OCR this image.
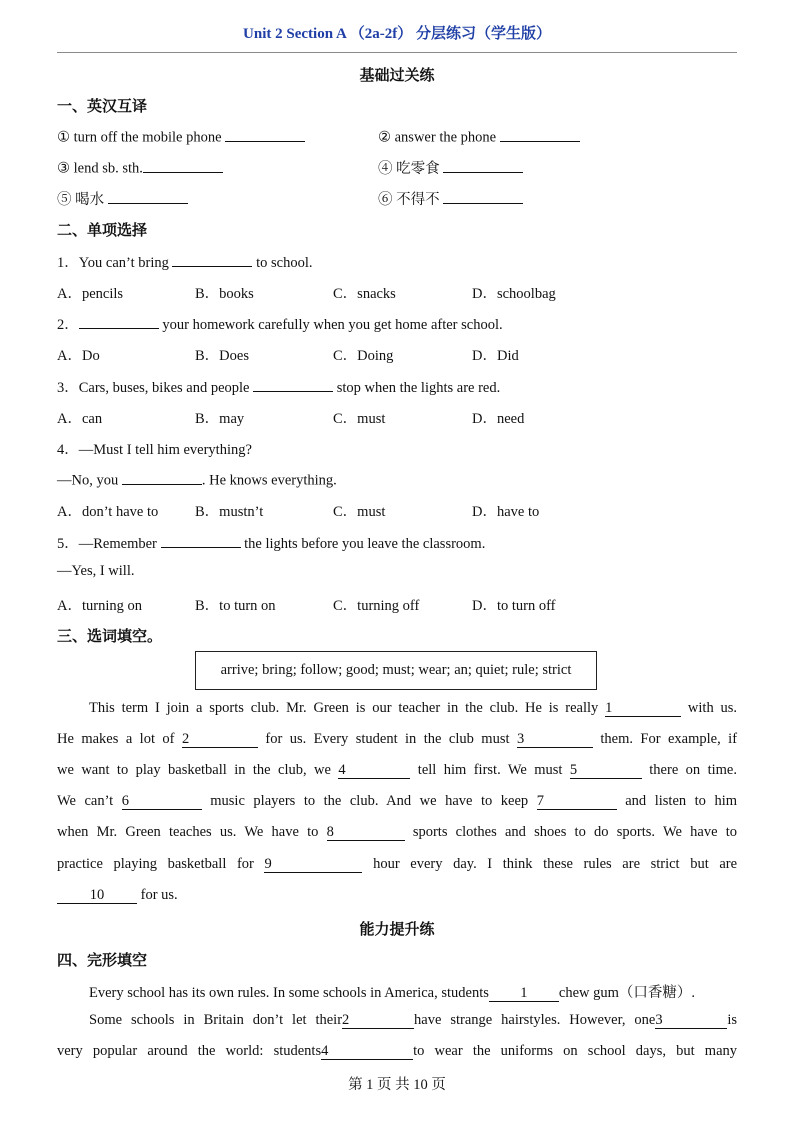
Unit 2 Section A （2a-2f） 分层练习（学生版）
基础过关练
一、英汉互译
① turn off the mobile phone	② answer the phone
③ lend sb. sth.	④ 吃零食
⑤ 喝水	⑥ 不得不
二、单项选择
1．You can’t bring	to school.
A．pencils	B．books	C．snacks	D．schoolbag
2．	your homework carefully when you get home after school.
A．Do	B．Does	C．Doing	D．Did
3．Cars, buses, bikes and people	stop when the lights are red.
A．can	B．may	C．must	D．need
4．—Must I tell him everything?
—No, you	. He knows everything.
A．don’t have to	B．mustn’t	C．must	D．have to
5．—Remember	the lights before you leave the classroom.
—Yes, I will.
A．turning on	B．to turn on	C．turning off	D．to turn off
三、选词填空。
arrive; bring; follow; good; must; wear; an; quiet; rule; strict
This term I join a sports club. Mr. Green is our teacher in the club. He is really 1	with us.
He makes a lot of 2	for us. Every student in the club must 3	them. For example, if
we want to play basketball in the club, we 4	tell him first. We must 5	there on time.
We can’t 6	music players to the club. And we have to keep 7	and listen to him
when Mr. Green teaches us. We have to 8	sports clothes and shoes to do sports. We have to
practice playing basketball for 9	hour every day. I think these rules are strict but are
10	for us.
能力提升练
四、完形填空
Every school has its own rules. In some schools in America, students 1 chew gum（口香糖）.
Some schools in Britain don’t let their2	have strange hairstyles. However, one3	is
very popular around the world: students4	to wear the uniforms on school days, but many
第 1 页 共 10 页
